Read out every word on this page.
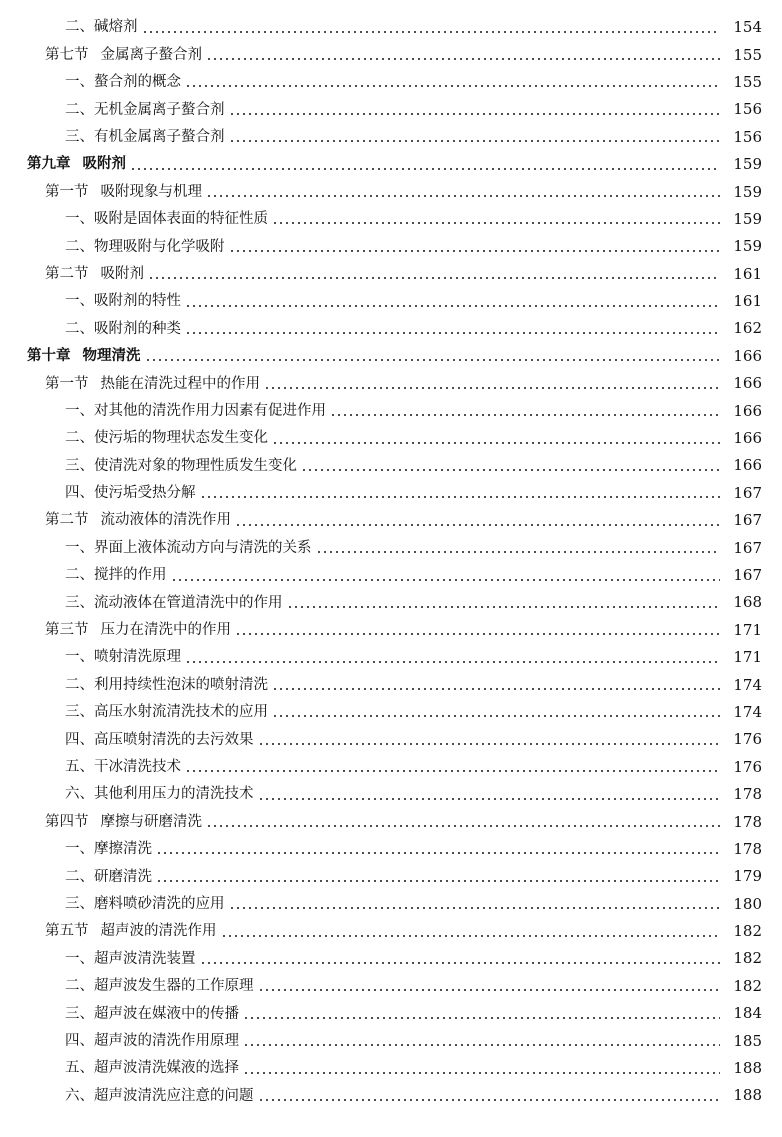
二、碱熔剂	154
第七节 金属离子螯合剂	155
一、螯合剂的概念	155
二、无机金属离子螯合剂	156
三、有机金属离子螯合剂	156
第九章 吸附剂	159
第一节 吸附现象与机理	159
一、吸附是固体表面的特征性质	159
二、物理吸附与化学吸附	159
第二节 吸附剂	161
一、吸附剂的特性	161
二、吸附剂的种类	162
第十章 物理清洗	166
第一节 热能在清洗过程中的作用	166
一、对其他的清洗作用力因素有促进作用	166
二、使污垢的物理状态发生变化	166
三、使清洗对象的物理性质发生变化	166
四、使污垢受热分解	167
第二节 流动液体的清洗作用	167
一、界面上液体流动方向与清洗的关系	167
二、搅拌的作用	167
三、流动液体在管道清洗中的作用	168
第三节 压力在清洗中的作用	171
一、喷射清洗原理	171
二、利用持续性泡沫的喷射清洗	174
三、高压水射流清洗技术的应用	174
四、高压喷射清洗的去污效果	176
五、干冰清洗技术	176
六、其他利用压力的清洗技术	178
第四节 摩擦与研磨清洗	178
一、摩擦清洗	178
二、研磨清洗	179
三、磨料喷砂清洗的应用	180
第五节 超声波的清洗作用	182
一、超声波清洗装置	182
二、超声波发生器的工作原理	182
三、超声波在媒液中的传播	184
四、超声波的清洗作用原理	185
五、超声波清洗媒液的选择	188
六、超声波清洗应注意的问题	188
